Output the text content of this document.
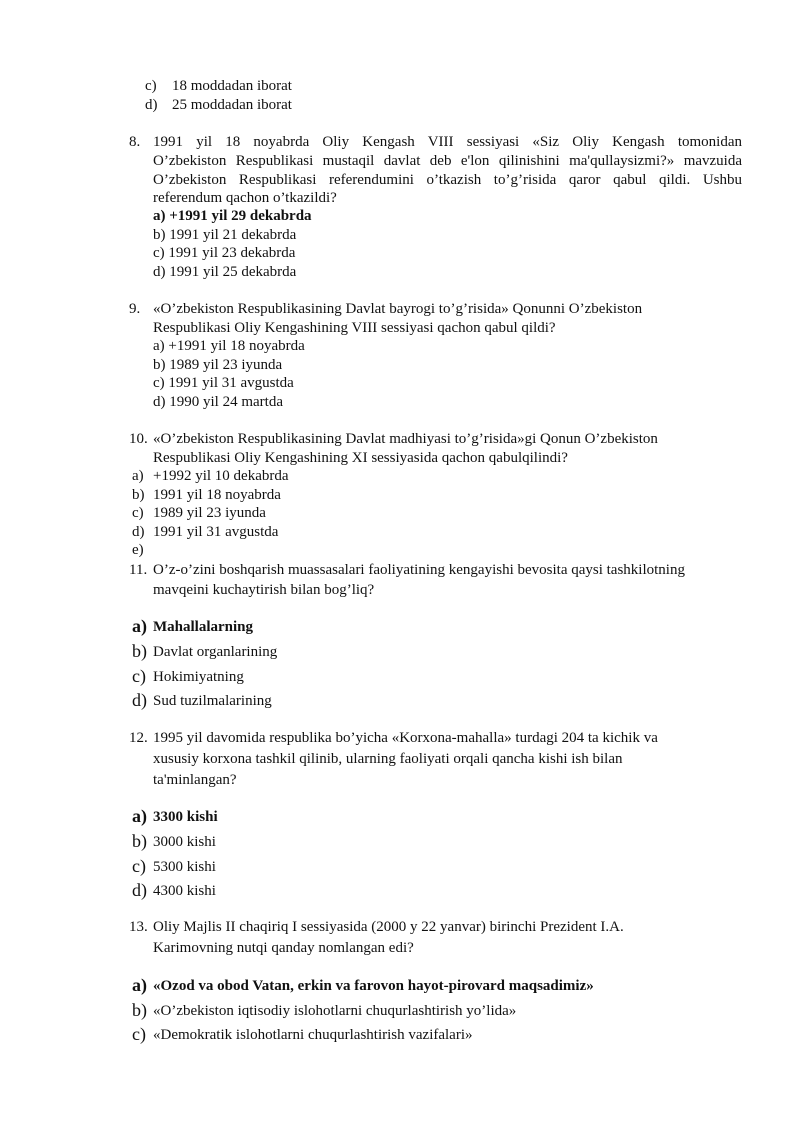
c) 18 moddadan iborat
d) 25 moddadan iborat
8. 1991 yil 18 noyabrda Oliy Kengash VIII sessiyasi «Siz Oliy Kengash tomonidan
O’zbekiston Respublikasi mustaqil davlat deb e'lon qilinishini ma'qullaysizmi?» mavzuida
O’zbekiston Respublikasi referendumini o’tkazish to’g’risida qaror qabul qildi. Ushbu
referendum qachon o’tkazildi?
a) +1991 yil 29 dekabrda
b) 1991 yil 21 dekabrda
c) 1991 yil 23 dekabrda
d) 1991 yil 25 dekabrda
9. «O’zbekiston Respublikasining Davlat bayrogi to’g’risida» Qonunni O’zbekiston
Respublikasi Oliy Kengashining VIII sessiyasi qachon qabul qildi?
a) +1991 yil 18 noyabrda
b) 1989 yil 23 iyunda
c) 1991 yil 31 avgustda
d) 1990 yil 24 martda
10. «O’zbekiston Respublikasining Davlat madhiyasi to’g’risida»gi Qonun O’zbekiston
Respublikasi Oliy Kengashining XI sessiyasida qachon qabulqilindi?
a) +1992 yil 10 dekabrda
b) 1991 yil 18 noyabrda
c) 1989 yil 23 iyunda
d) 1991 yil 31 avgustda
e)
11. O’z-o’zini boshqarish muassasalari faoliyatining kengayishi bevosita qaysi tashkilotning
mavqeini kuchaytirish bilan bog’liq?
a) Mahallalarning
b) Davlat organlarining
c) Hokimiyatning
d) Sud tuzilmalarining
12. 1995 yil davomida respublika bo’yicha «Korxona-mahalla» turdagi 204 ta kichik va
xususiy korxona tashkil qilinib, ularning faoliyati orqali qancha kishi ish bilan
ta'minlangan?
a) 3300 kishi
b) 3000 kishi
c) 5300 kishi
d) 4300 kishi
13. Oliy Majlis II chaqiriq I sessiyasida (2000 y 22 yanvar) birinchi Prezident I.A.
Karimovning nutqi qanday nomlangan edi?
a) «Ozod va obod Vatan, erkin va farovon hayot-pirovard maqsadimiz»
b) «O’zbekiston iqtisodiy islohotlarni chuqurlashtirish yo’lida»
c) «Demokratik islohotlarni chuqurlashtirish vazifalari»
